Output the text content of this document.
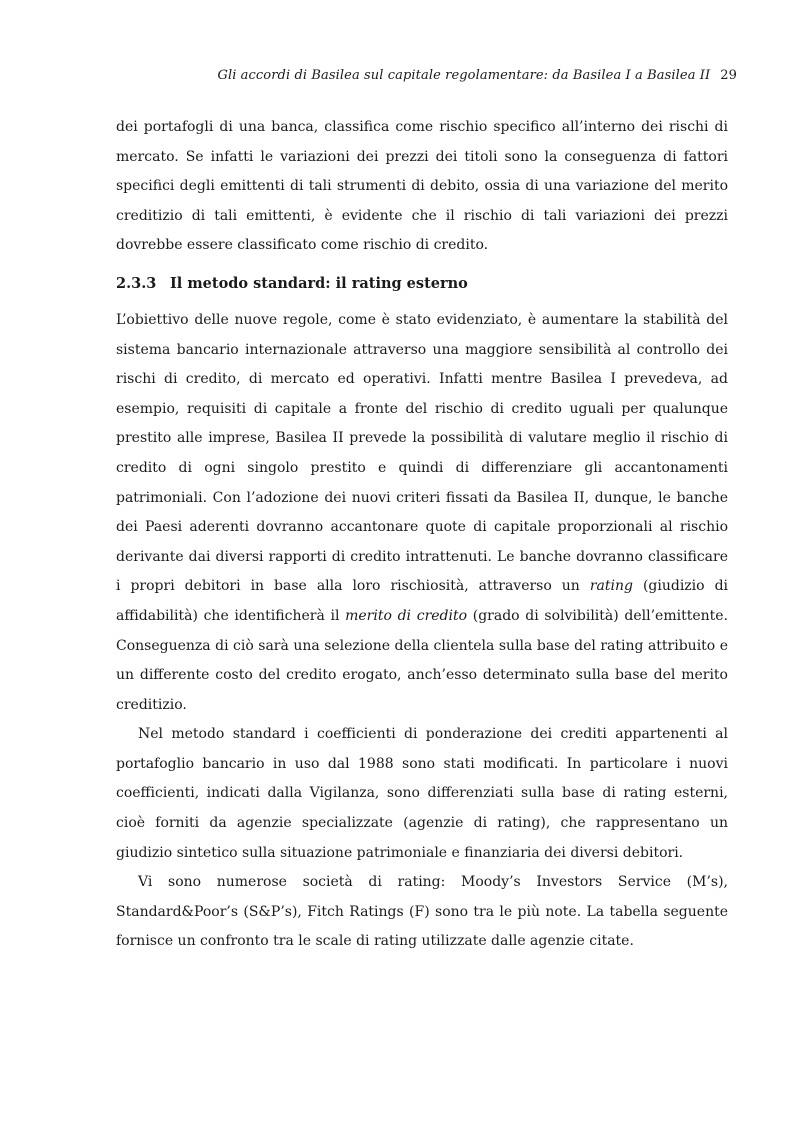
Gli accordi di Basilea sul capitale regolamentare: da Basilea I a Basilea II 29

dei portafogli di una banca, classifica come rischio specifico all’interno dei rischi di mercato. Se infatti le variazioni dei prezzi dei titoli sono la conseguenza di fattori specifici degli emittenti di tali strumenti di debito, ossia di una variazione del merito creditizio di tali emittenti, è evidente che il rischio di tali variazioni dei prezzi dovrebbe essere classificato come rischio di credito.

2.3.3 Il metodo standard: il rating esterno

L’obiettivo delle nuove regole, come è stato evidenziato, è aumentare la stabilità del sistema bancario internazionale attraverso una maggiore sensibilità al controllo dei rischi di credito, di mercato ed operativi. Infatti mentre Basilea I prevedeva, ad esempio, requisiti di capitale a fronte del rischio di credito uguali per qualunque prestito alle imprese, Basilea II prevede la possibilità di valutare meglio il rischio di credito di ogni singolo prestito e quindi di differenziare gli accantonamenti patrimoniali. Con l’adozione dei nuovi criteri fissati da Basilea II, dunque, le banche dei Paesi aderenti dovranno accantonare quote di capitale proporzionali al rischio derivante dai diversi rapporti di credito intrattenuti. Le banche dovranno classificare i propri debitori in base alla loro rischiosità, attraverso un rating (giudizio di affidabilità) che identificherà il merito di credito (grado di solvibilità) dell’emittente. Conseguenza di ciò sarà una selezione della clientela sulla base del rating attribuito e un differente costo del credito erogato, anch’esso determinato sulla base del merito creditizio.

Nel metodo standard i coefficienti di ponderazione dei crediti appartenenti al portafoglio bancario in uso dal 1988 sono stati modificati. In particolare i nuovi coefficienti, indicati dalla Vigilanza, sono differenziati sulla base di rating esterni, cioè forniti da agenzie specializzate (agenzie di rating), che rappresentano un giudizio sintetico sulla situazione patrimoniale e finanziaria dei diversi debitori.

Vi sono numerose società di rating: Moody’s Investors Service (M’s), Standard&Poor’s (S&P’s), Fitch Ratings (F) sono tra le più note. La tabella seguente fornisce un confronto tra le scale di rating utilizzate dalle agenzie citate.
